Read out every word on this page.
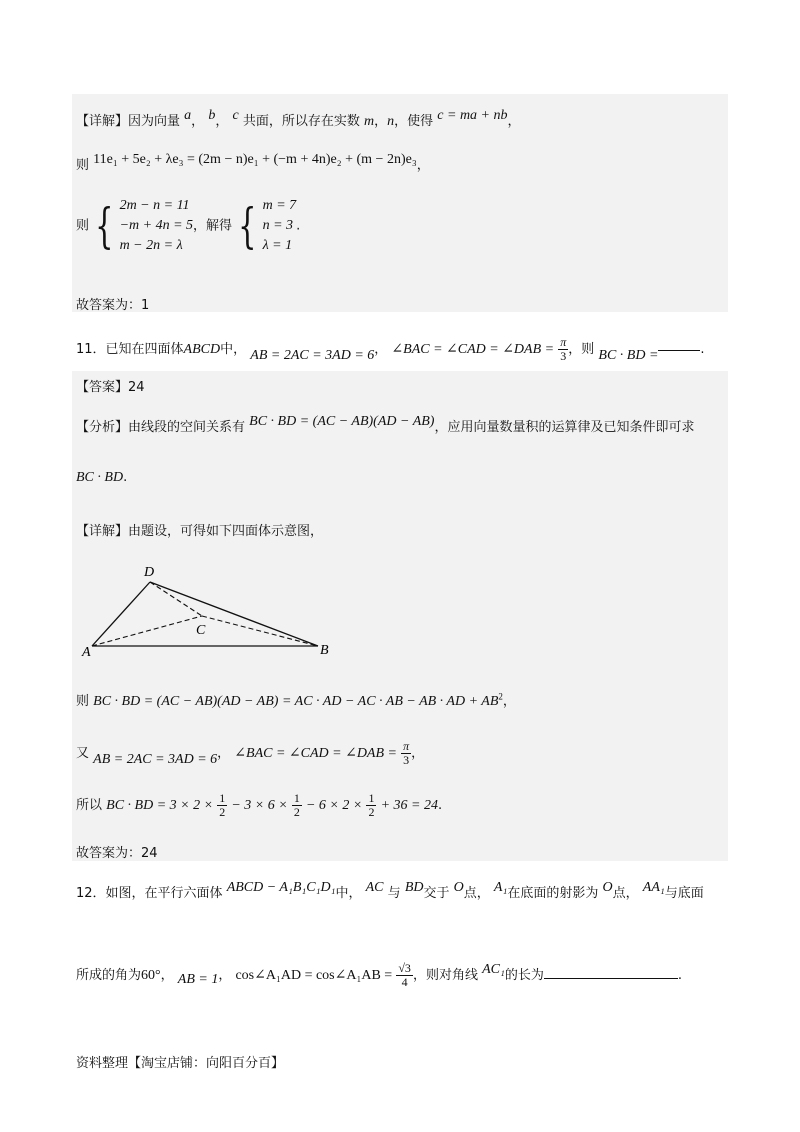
【详解】因为向量 a， b， c 共面，所以存在实数 m，n，使得 c = ma + nb，
则 11e₁ + 5e₂ + λe₃ = (2m − n)e₁ + (−m + 4n)e₂ + (m − 2n)e₃，
则 { 2m − n = 11
−m + 4n = 5
m − 2n = λ
，解得 { m = 7
n = 3
λ = 1
.
故答案为：1
11．已知在四面体ABCD中， AB = 2AC = 3AD = 6， ∠BAC = ∠CAD = ∠DAB = $\frac{\pi}{3}$ ，则 BC · BD =	.
【答案】24
【分析】由线段的空间关系有 BC · BD = (AC − AB)(AD − AB)，应用向量数量积的运算律及已知条件即可求
BC · BD.
【详解】由题设，可得如下四面体示意图，
D
C
A	B
则 BC · BD = (AC − AB)(AD − AB) = AC · AD − AC · AB − AB · AD + $AB^2$，
又 AB = 2AC = 3AD = 6， ∠BAC = ∠CAD = ∠DAB = $\frac{\pi}{3}$ ，
所以 BC · BD = $3 \times 2 \times \frac{1}{2} - 3 \times 6 \times \frac{1}{2} - 6 \times 2 \times \frac{1}{2} + 36 = 24$.
故答案为：24
12．如图，在平行六面体 ABCD − A₁B₁C₁D₁中， AC 与 BD交于 O点， A₁在底面的射影为 O点， AA₁与底面
所成的角为60°， AB = 1， cos∠A₁AD = cos∠A₁AB = $\frac{√3}{4}$ ，则对角线 AC₁的长为	.
资料整理【淘宝店铺：向阳百分百】
